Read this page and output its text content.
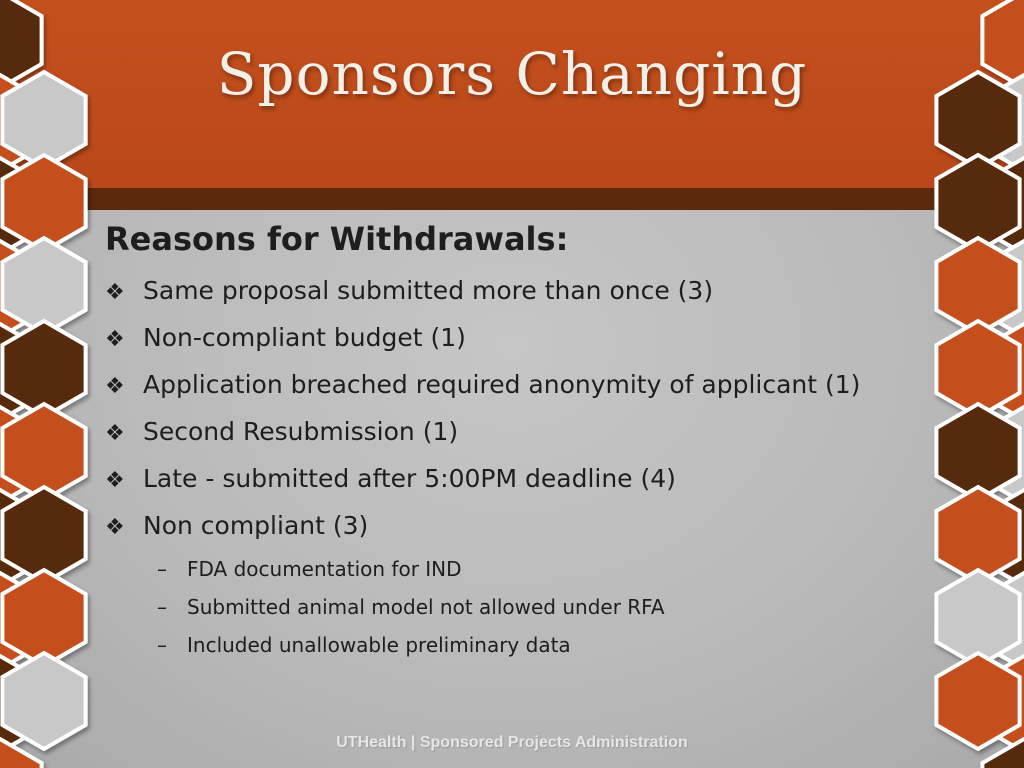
Sponsors Changing
Reasons for Withdrawals:
❖ Same proposal submitted more than once (3)
❖ Non-compliant budget (1)
❖ Application breached required anonymity of applicant (1)
❖ Second Resubmission (1)
❖ Late - submitted after 5:00PM deadline (4)
❖ Non compliant (3)
– FDA documentation for IND
– Submitted animal model not allowed under RFA
– Included unallowable preliminary data
UTHealth | Sponsored Projects Administration
